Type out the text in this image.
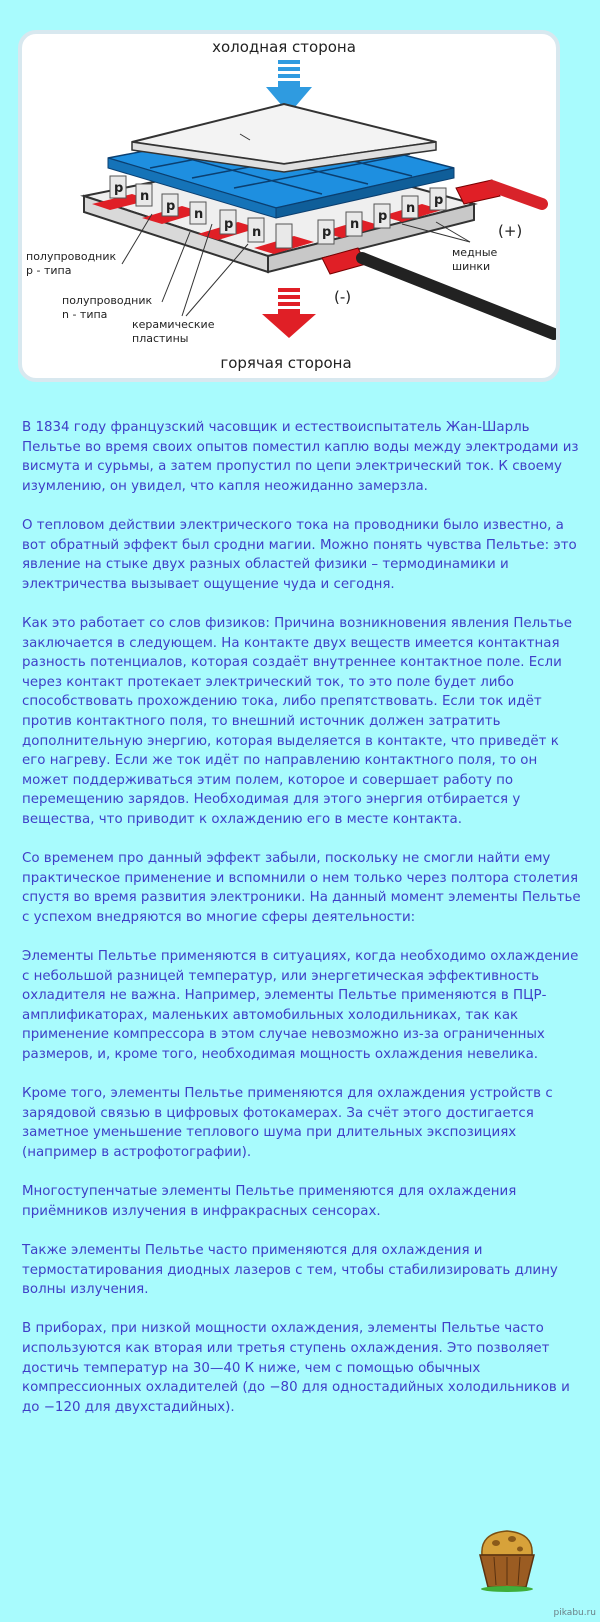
холодная сторона
p
n
p
n
p
n	p
n
p
n
p
(+)
(-)
полупроводник
p - типа
полупроводник
n - типа
керамические
пластины
медные
шинки
горячая сторона

В 1834 году французский часовщик и естествоиспытатель Жан-Шарль Пельтье во время своих опытов поместил каплю воды между электродами из висмута и сурьмы, а затем пропустил по цепи электрический ток. К своему изумлению, он увидел, что капля неожиданно замерзла.

О тепловом действии электрического тока на проводники было известно, а вот обратный эффект был сродни магии. Можно понять чувства Пельтье: это явление на стыке двух разных областей физики – термодинамики и электричества вызывает ощущение чуда и сегодня.

Как это работает со слов физиков: Причина возникновения явления Пельтье заключается в следующем. На контакте двух веществ имеется контактная разность потенциалов, которая создаёт внутреннее контактное поле. Если через контакт протекает электрический ток, то это поле будет либо способствовать прохождению тока, либо препятствовать. Если ток идёт против контактного поля, то внешний источник должен затратить дополнительную энергию, которая выделяется в контакте, что приведёт к его нагреву. Если же ток идёт по направлению контактного поля, то он может поддерживаться этим полем, которое и совершает работу по перемещению зарядов. Необходимая для этого энергия отбирается у вещества, что приводит к охлаждению его в месте контакта.

Со временем про данный эффект забыли, поскольку не смогли найти ему практическое применение и вспомнили о нем только через полтора столетия спустя во время развития электроники. На данный момент элементы Пельтье с успехом внедряются во многие сферы деятельности:

Элементы Пельтье применяются в ситуациях, когда необходимо охлаждение с небольшой разницей температур, или энергетическая эффективность охладителя не важна. Например, элементы Пельтье применяются в ПЦР-амплификаторах, маленьких автомобильных холодильниках, так как применение компрессора в этом случае невозможно из-за ограниченных размеров, и, кроме того, необходимая мощность охлаждения невелика.

Кроме того, элементы Пельтье применяются для охлаждения устройств с зарядовой связью в цифровых фотокамерах. За счёт этого достигается заметное уменьшение теплового шума при длительных экспозициях (например в астрофотографии).

Многоступенчатые элементы Пельтье применяются для охлаждения приёмников излучения в инфракрасных сенсорах.

Также элементы Пельтье часто применяются для охлаждения и термостатирования диодных лазеров с тем, чтобы стабилизировать длину волны излучения.

В приборах, при низкой мощности охлаждения, элементы Пельтье часто используются как вторая или третья ступень охлаждения. Это позволяет достичь температур на 30—40 К ниже, чем с помощью обычных компрессионных охладителей (до −80 для одностадийных холодильников и до −120 для двухстадийных).

pikabu.ru
